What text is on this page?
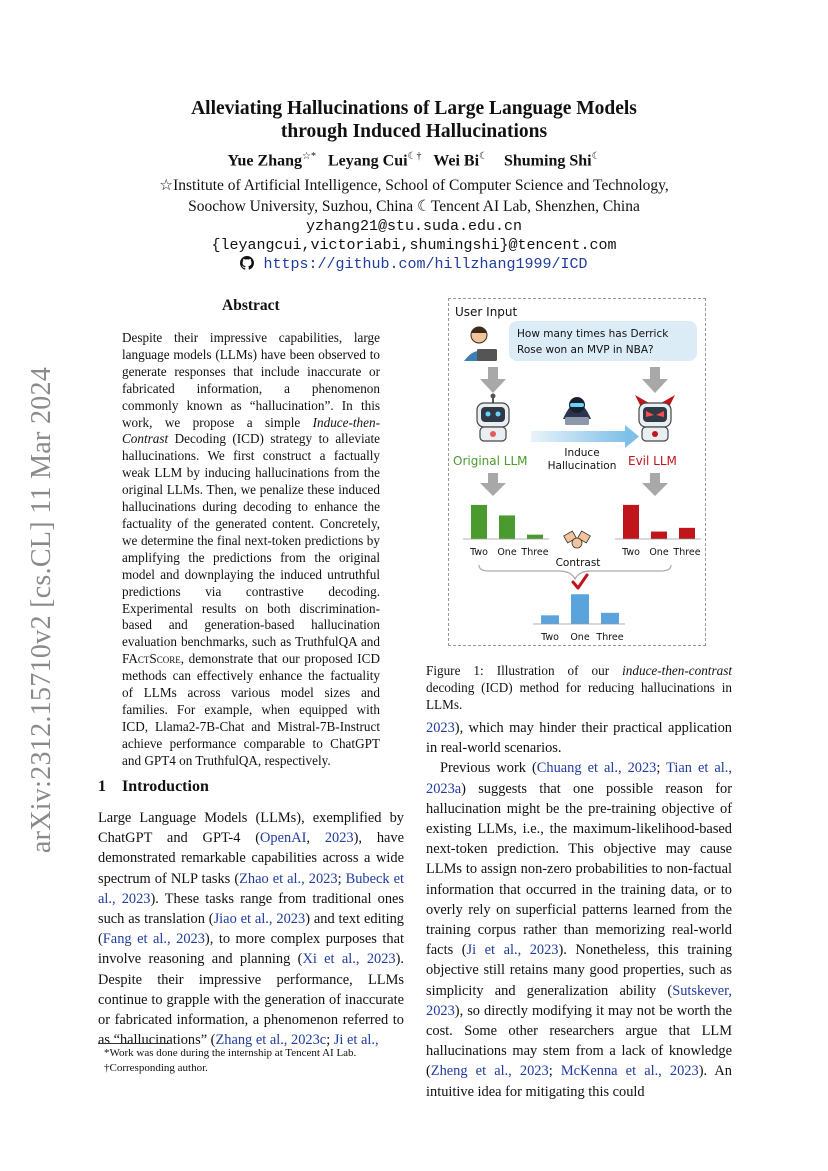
arXiv:2312.15710v2 [cs.CL] 11 Mar 2024
Alleviating Hallucinations of Large Language Models
through Induced Hallucinations
Yue Zhang☆* Leyang Cui☾† Wei Bi☾ Shuming Shi☾
☆Institute of Artificial Intelligence, School of Computer Science and Technology,
Soochow University, Suzhou, China ☾Tencent AI Lab, Shenzhen, China
yzhang21@stu.suda.edu.cn
{leyangcui,victoriabi,shumingshi}@tencent.com
https://github.com/hillzhang1999/ICD
Abstract
Despite their impressive capabilities, large language models (LLMs) have been observed to generate responses that include inaccurate or fabricated information, a phenomenon commonly known as “hallucination”. In this work, we propose a simple Induce-then-Contrast Decoding (ICD) strategy to alleviate hallucinations. We first construct a factually weak LLM by inducing hallucinations from the original LLMs. Then, we penalize these induced hallucinations during decoding to enhance the factuality of the generated content. Concretely, we determine the final next-token predictions by amplifying the predictions from the original model and downplaying the induced untruthful predictions via contrastive decoding. Experimental results on both discrimination-based and generation-based hallucination evaluation benchmarks, such as TruthfulQA and FActScore, demonstrate that our proposed ICD methods can effectively enhance the factuality of LLMs across various model sizes and families. For example, when equipped with ICD, Llama2-7B-Chat and Mistral-7B-Instruct achieve performance comparable to ChatGPT and GPT4 on TruthfulQA, respectively.
1 Introduction
Large Language Models (LLMs), exemplified by ChatGPT and GPT-4 (OpenAI, 2023), have demonstrated remarkable capabilities across a wide spectrum of NLP tasks (Zhao et al., 2023; Bubeck et al., 2023). These tasks range from traditional ones such as translation (Jiao et al., 2023) and text editing (Fang et al., 2023), to more complex purposes that involve reasoning and planning (Xi et al., 2023). Despite their impressive performance, LLMs continue to grapple with the generation of inaccurate or fabricated information, a phenomenon referred to as “hallucinations” (Zhang et al., 2023c; Ji et al.,
*Work was done during the internship at Tencent AI Lab.
†Corresponding author.
User Input
How many times has Derrick
Rose won an MVP in NBA?
Induce
Hallucination
Original LLM	Evil LLM
Two One Three	Two One Three
Two One Three
Contrast
Figure 1: Illustration of our induce-then-contrast decoding (ICD) method for reducing hallucinations in LLMs.
2023), which may hinder their practical application in real-world scenarios.
Previous work (Chuang et al., 2023; Tian et al., 2023a) suggests that one possible reason for hallucination might be the pre-training objective of existing LLMs, i.e., the maximum-likelihood-based next-token prediction. This objective may cause LLMs to assign non-zero probabilities to non-factual information that occurred in the training data, or to overly rely on superficial patterns learned from the training corpus rather than memorizing real-world facts (Ji et al., 2023). Nonetheless, this training objective still retains many good properties, such as simplicity and generalization ability (Sutskever, 2023), so directly modifying it may not be worth the cost. Some other researchers argue that LLM hallucinations may stem from a lack of knowledge (Zheng et al., 2023; McKenna et al., 2023). An intuitive idea for mitigating this could
